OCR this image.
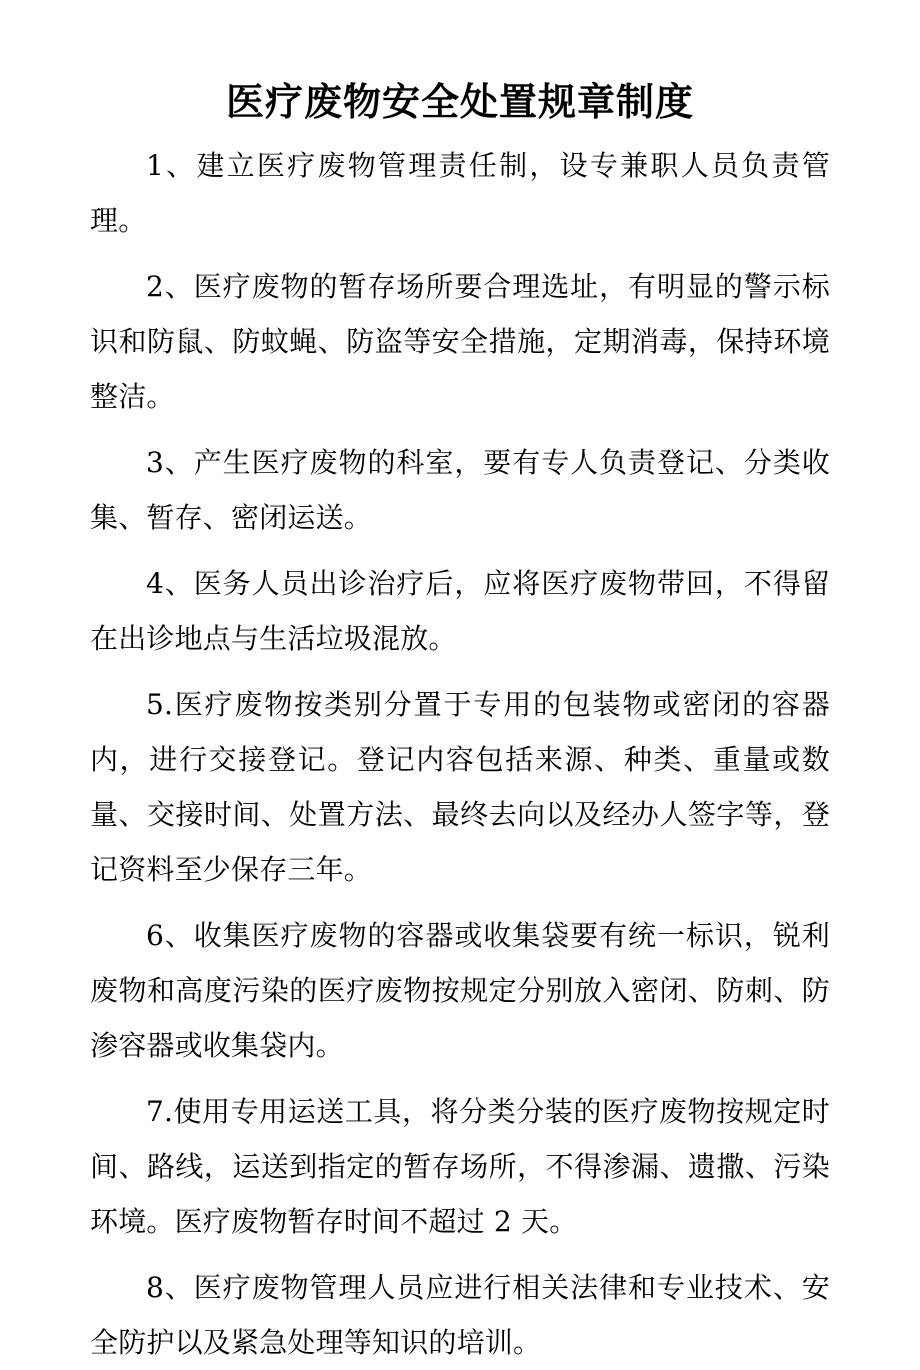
医疗废物安全处置规章制度

1、建立医疗废物管理责任制，设专兼职人员负责管理。

2、医疗废物的暂存场所要合理选址，有明显的警示标识和防鼠、防蚊蝇、防盗等安全措施，定期消毒，保持环境整洁。

3、产生医疗废物的科室，要有专人负责登记、分类收集、暂存、密闭运送。

4、医务人员出诊治疗后，应将医疗废物带回，不得留在出诊地点与生活垃圾混放。

5.医疗废物按类别分置于专用的包装物或密闭的容器内，进行交接登记。登记内容包括来源、种类、重量或数量、交接时间、处置方法、最终去向以及经办人签字等，登记资料至少保存三年。

6、收集医疗废物的容器或收集袋要有统一标识，锐利废物和高度污染的医疗废物按规定分别放入密闭、防刺、防渗容器或收集袋内。

7.使用专用运送工具，将分类分装的医疗废物按规定时间、路线，运送到指定的暂存场所，不得渗漏、遗撒、污染环境。医疗废物暂存时间不超过 2 天。

8、医疗废物管理人员应进行相关法律和专业技术、安全防护以及紧急处理等知识的培训。
